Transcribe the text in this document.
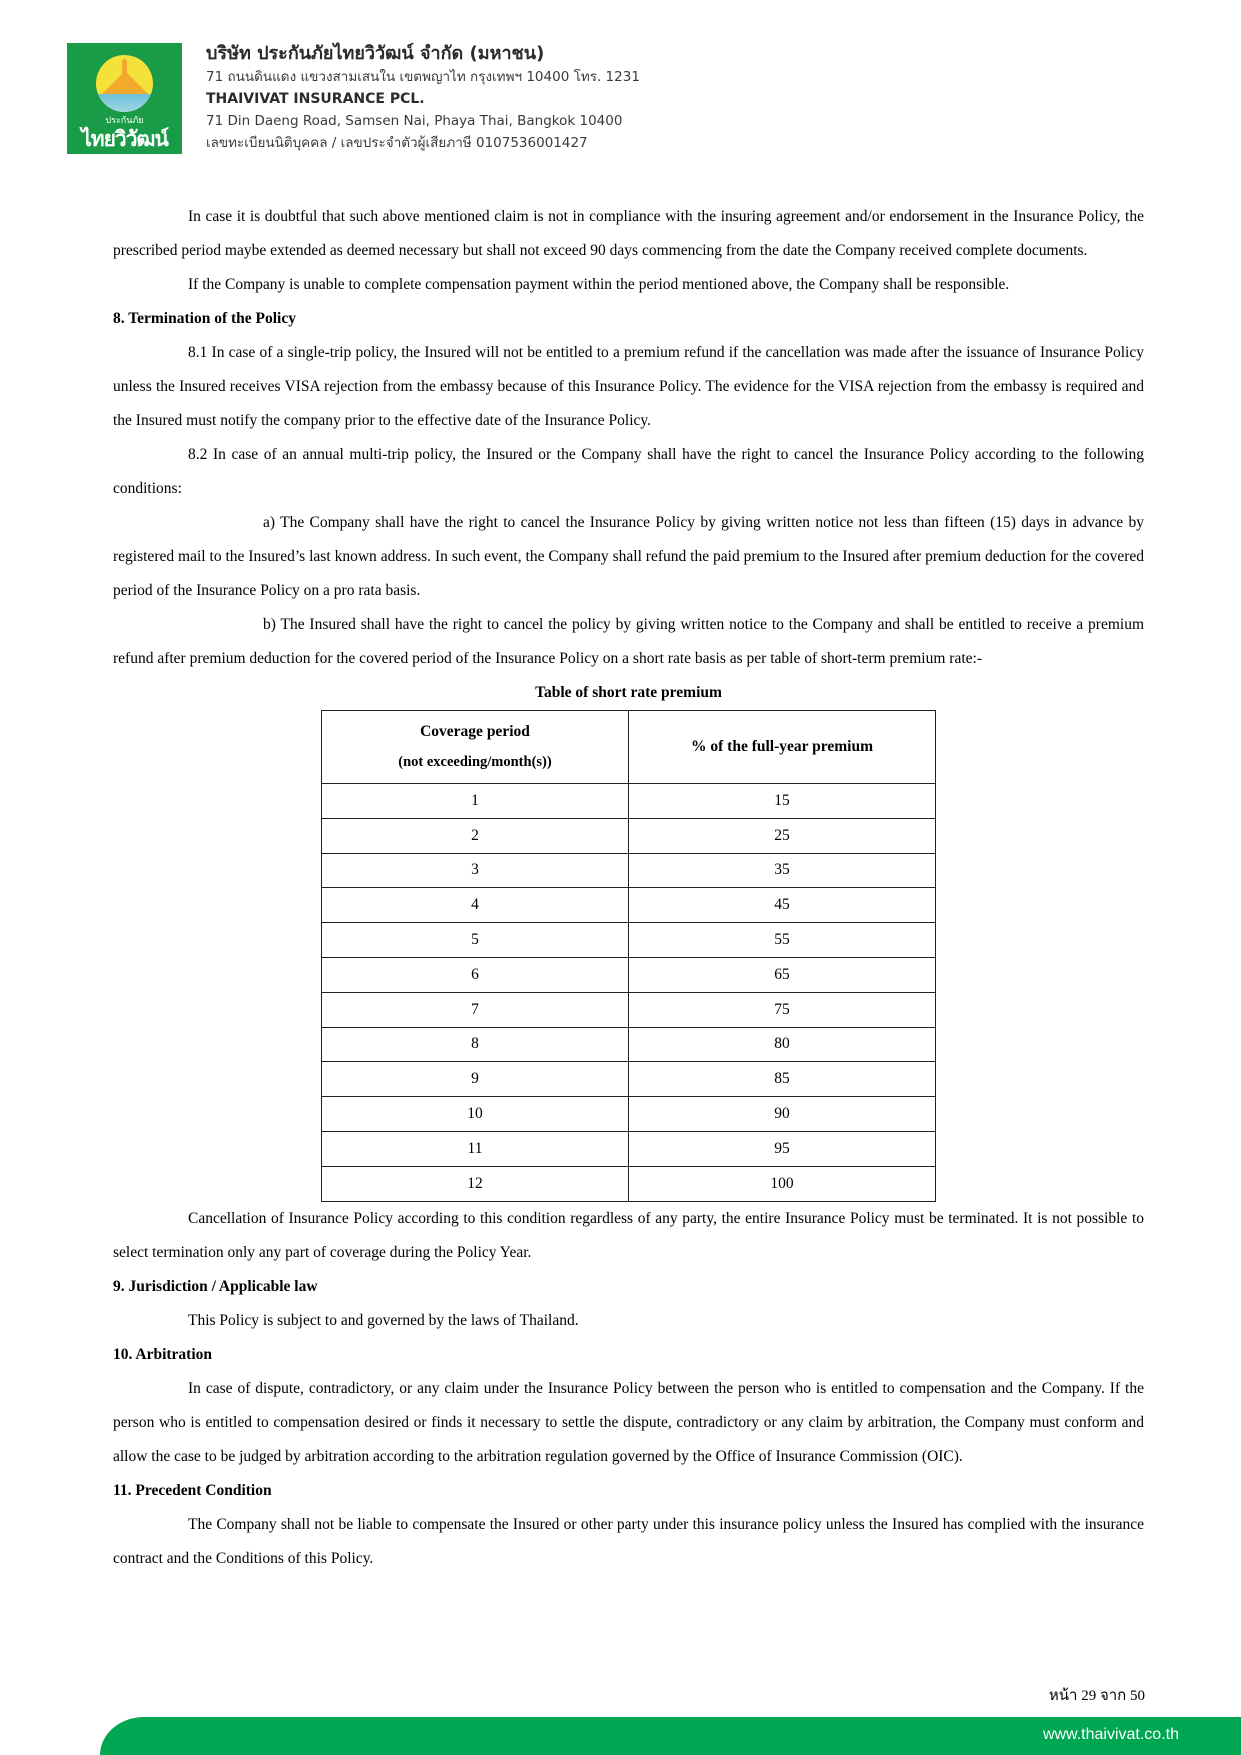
ประกันภัย
ไทยวิวัฒน์
บริษัท ประกันภัยไทยวิวัฒน์ จำกัด (มหาชน)
71 ถนนดินแดง แขวงสามเสนใน เขตพญาไท กรุงเทพฯ 10400 โทร. 1231
THAIVIVAT INSURANCE PCL.
71 Din Daeng Road, Samsen Nai, Phaya Thai, Bangkok 10400
เลขทะเบียนนิติบุคคล / เลขประจำตัวผู้เสียภาษี 0107536001427

In case it is doubtful that such above mentioned claim is not in compliance with the insuring agreement and/or endorsement in the Insurance Policy, the prescribed period maybe extended as deemed necessary but shall not exceed 90 days commencing from the date the Company received complete documents.

If the Company is unable to complete compensation payment within the period mentioned above, the Company shall be responsible.

8. Termination of the Policy

8.1 In case of a single-trip policy, the Insured will not be entitled to a premium refund if the cancellation was made after the issuance of Insurance Policy unless the Insured receives VISA rejection from the embassy because of this Insurance Policy. The evidence for the VISA rejection from the embassy is required and the Insured must notify the company prior to the effective date of the Insurance Policy.

8.2 In case of an annual multi-trip policy, the Insured or the Company shall have the right to cancel the Insurance Policy according to the following conditions:

a) The Company shall have the right to cancel the Insurance Policy by giving written notice not less than fifteen (15) days in advance by registered mail to the Insured’s last known address. In such event, the Company shall refund the paid premium to the Insured after premium deduction for the covered period of the Insurance Policy on a pro rata basis.

b) The Insured shall have the right to cancel the policy by giving written notice to the Company and shall be entitled to receive a premium refund after premium deduction for the covered period of the Insurance Policy on a short rate basis as per table of short-term premium rate:-

Table of short rate premium

Coverage period
(not exceeding/month(s))	% of the full-year premium
1	15
2	25
3	35
4	45
5	55
6	65
7	75
8	80
9	85
10	90
11	95
12	100

Cancellation of Insurance Policy according to this condition regardless of any party, the entire Insurance Policy must be terminated. It is not possible to select termination only any part of coverage during the Policy Year.

9. Jurisdiction / Applicable law

This Policy is subject to and governed by the laws of Thailand.

10. Arbitration

In case of dispute, contradictory, or any claim under the Insurance Policy between the person who is entitled to compensation and the Company. If the person who is entitled to compensation desired or finds it necessary to settle the dispute, contradictory or any claim by arbitration, the Company must conform and allow the case to be judged by arbitration according to the arbitration regulation governed by the Office of Insurance Commission (OIC).

11. Precedent Condition

The Company shall not be liable to compensate the Insured or other party under this insurance policy unless the Insured has complied with the insurance contract and the Conditions of this Policy.

หน้า 29 จาก 50
www.thaivivat.co.th
